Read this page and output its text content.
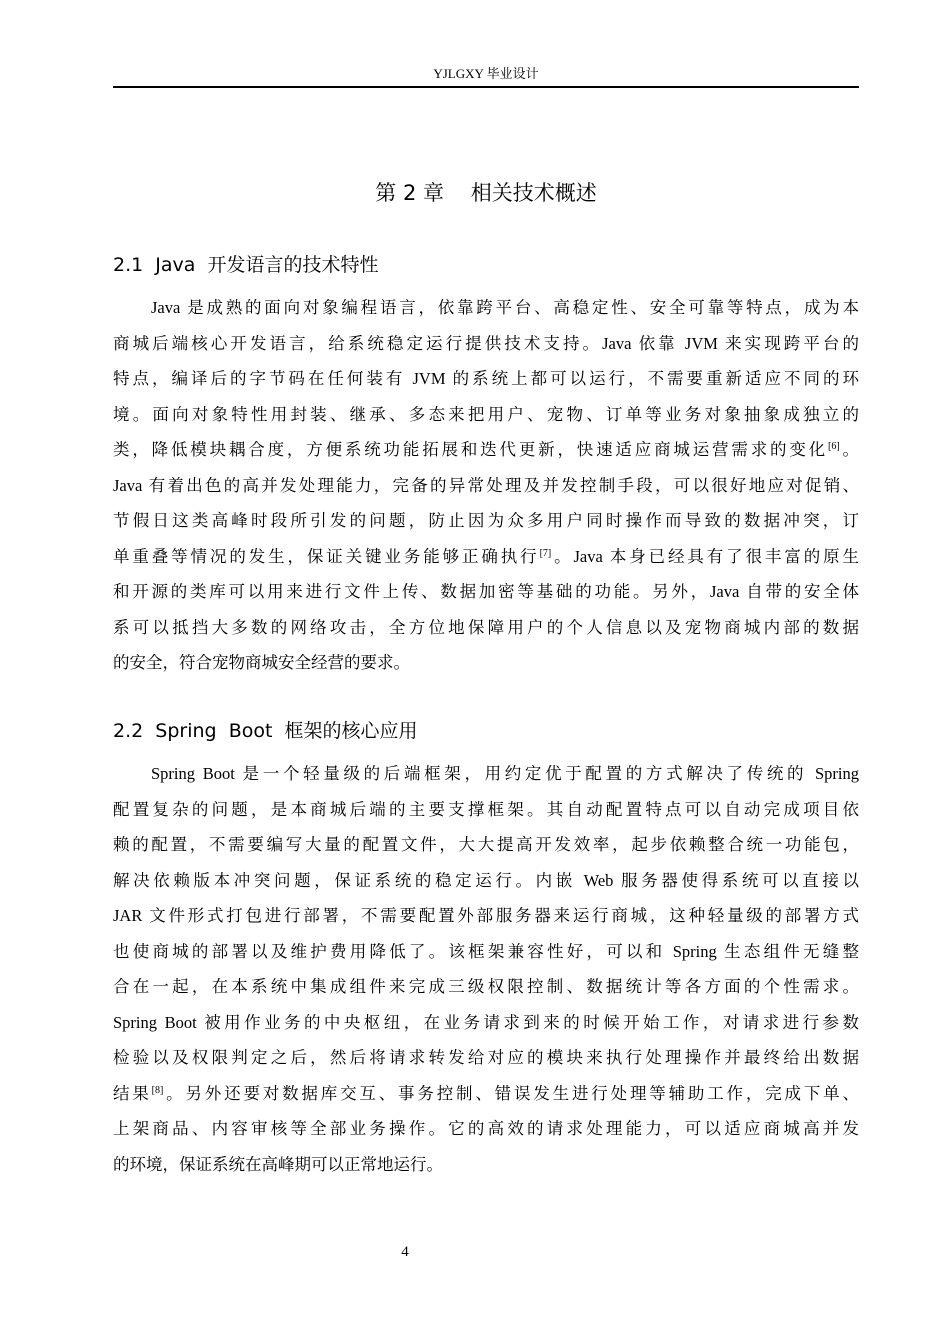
YJLGXY 毕业设计
第 2 章    相关技术概述
2.1  Java  开发语言的技术特性
Java 是成熟的面向对象编程语言，依靠跨平台、高稳定性、安全可靠等特点，成为本
商城后端核心开发语言，给系统稳定运行提供技术支持。Java 依靠 JVM 来实现跨平台的
特点，编译后的字节码在任何装有 JVM 的系统上都可以运行，不需要重新适应不同的环
境。面向对象特性用封装、继承、多态来把用户、宠物、订单等业务对象抽象成独立的
类，降低模块耦合度，方便系统功能拓展和迭代更新，快速适应商城运营需求的变化[6]。
Java 有着出色的高并发处理能力，完备的异常处理及并发控制手段，可以很好地应对促销、
节假日这类高峰时段所引发的问题，防止因为众多用户同时操作而导致的数据冲突，订
单重叠等情况的发生，保证关键业务能够正确执行[7]。Java 本身已经具有了很丰富的原生
和开源的类库可以用来进行文件上传、数据加密等基础的功能。另外，Java 自带的安全体
系可以抵挡大多数的网络攻击，全方位地保障用户的个人信息以及宠物商城内部的数据
的安全，符合宠物商城安全经营的要求。
2.2  Spring  Boot  框架的核心应用
Spring Boot 是一个轻量级的后端框架，用约定优于配置的方式解决了传统的 Spring
配置复杂的问题，是本商城后端的主要支撑框架。其自动配置特点可以自动完成项目依
赖的配置，不需要编写大量的配置文件，大大提高开发效率，起步依赖整合统一功能包，
解决依赖版本冲突问题，保证系统的稳定运行。内嵌 Web 服务器使得系统可以直接以
JAR 文件形式打包进行部署，不需要配置外部服务器来运行商城，这种轻量级的部署方式
也使商城的部署以及维护费用降低了。该框架兼容性好，可以和 Spring 生态组件无缝整
合在一起，在本系统中集成组件来完成三级权限控制、数据统计等各方面的个性需求。
Spring Boot 被用作业务的中央枢纽，在业务请求到来的时候开始工作，对请求进行参数
检验以及权限判定之后，然后将请求转发给对应的模块来执行处理操作并最终给出数据
结果[8]。另外还要对数据库交互、事务控制、错误发生进行处理等辅助工作，完成下单、
上架商品、内容审核等全部业务操作。它的高效的请求处理能力，可以适应商城高并发
的环境，保证系统在高峰期可以正常地运行。
4
